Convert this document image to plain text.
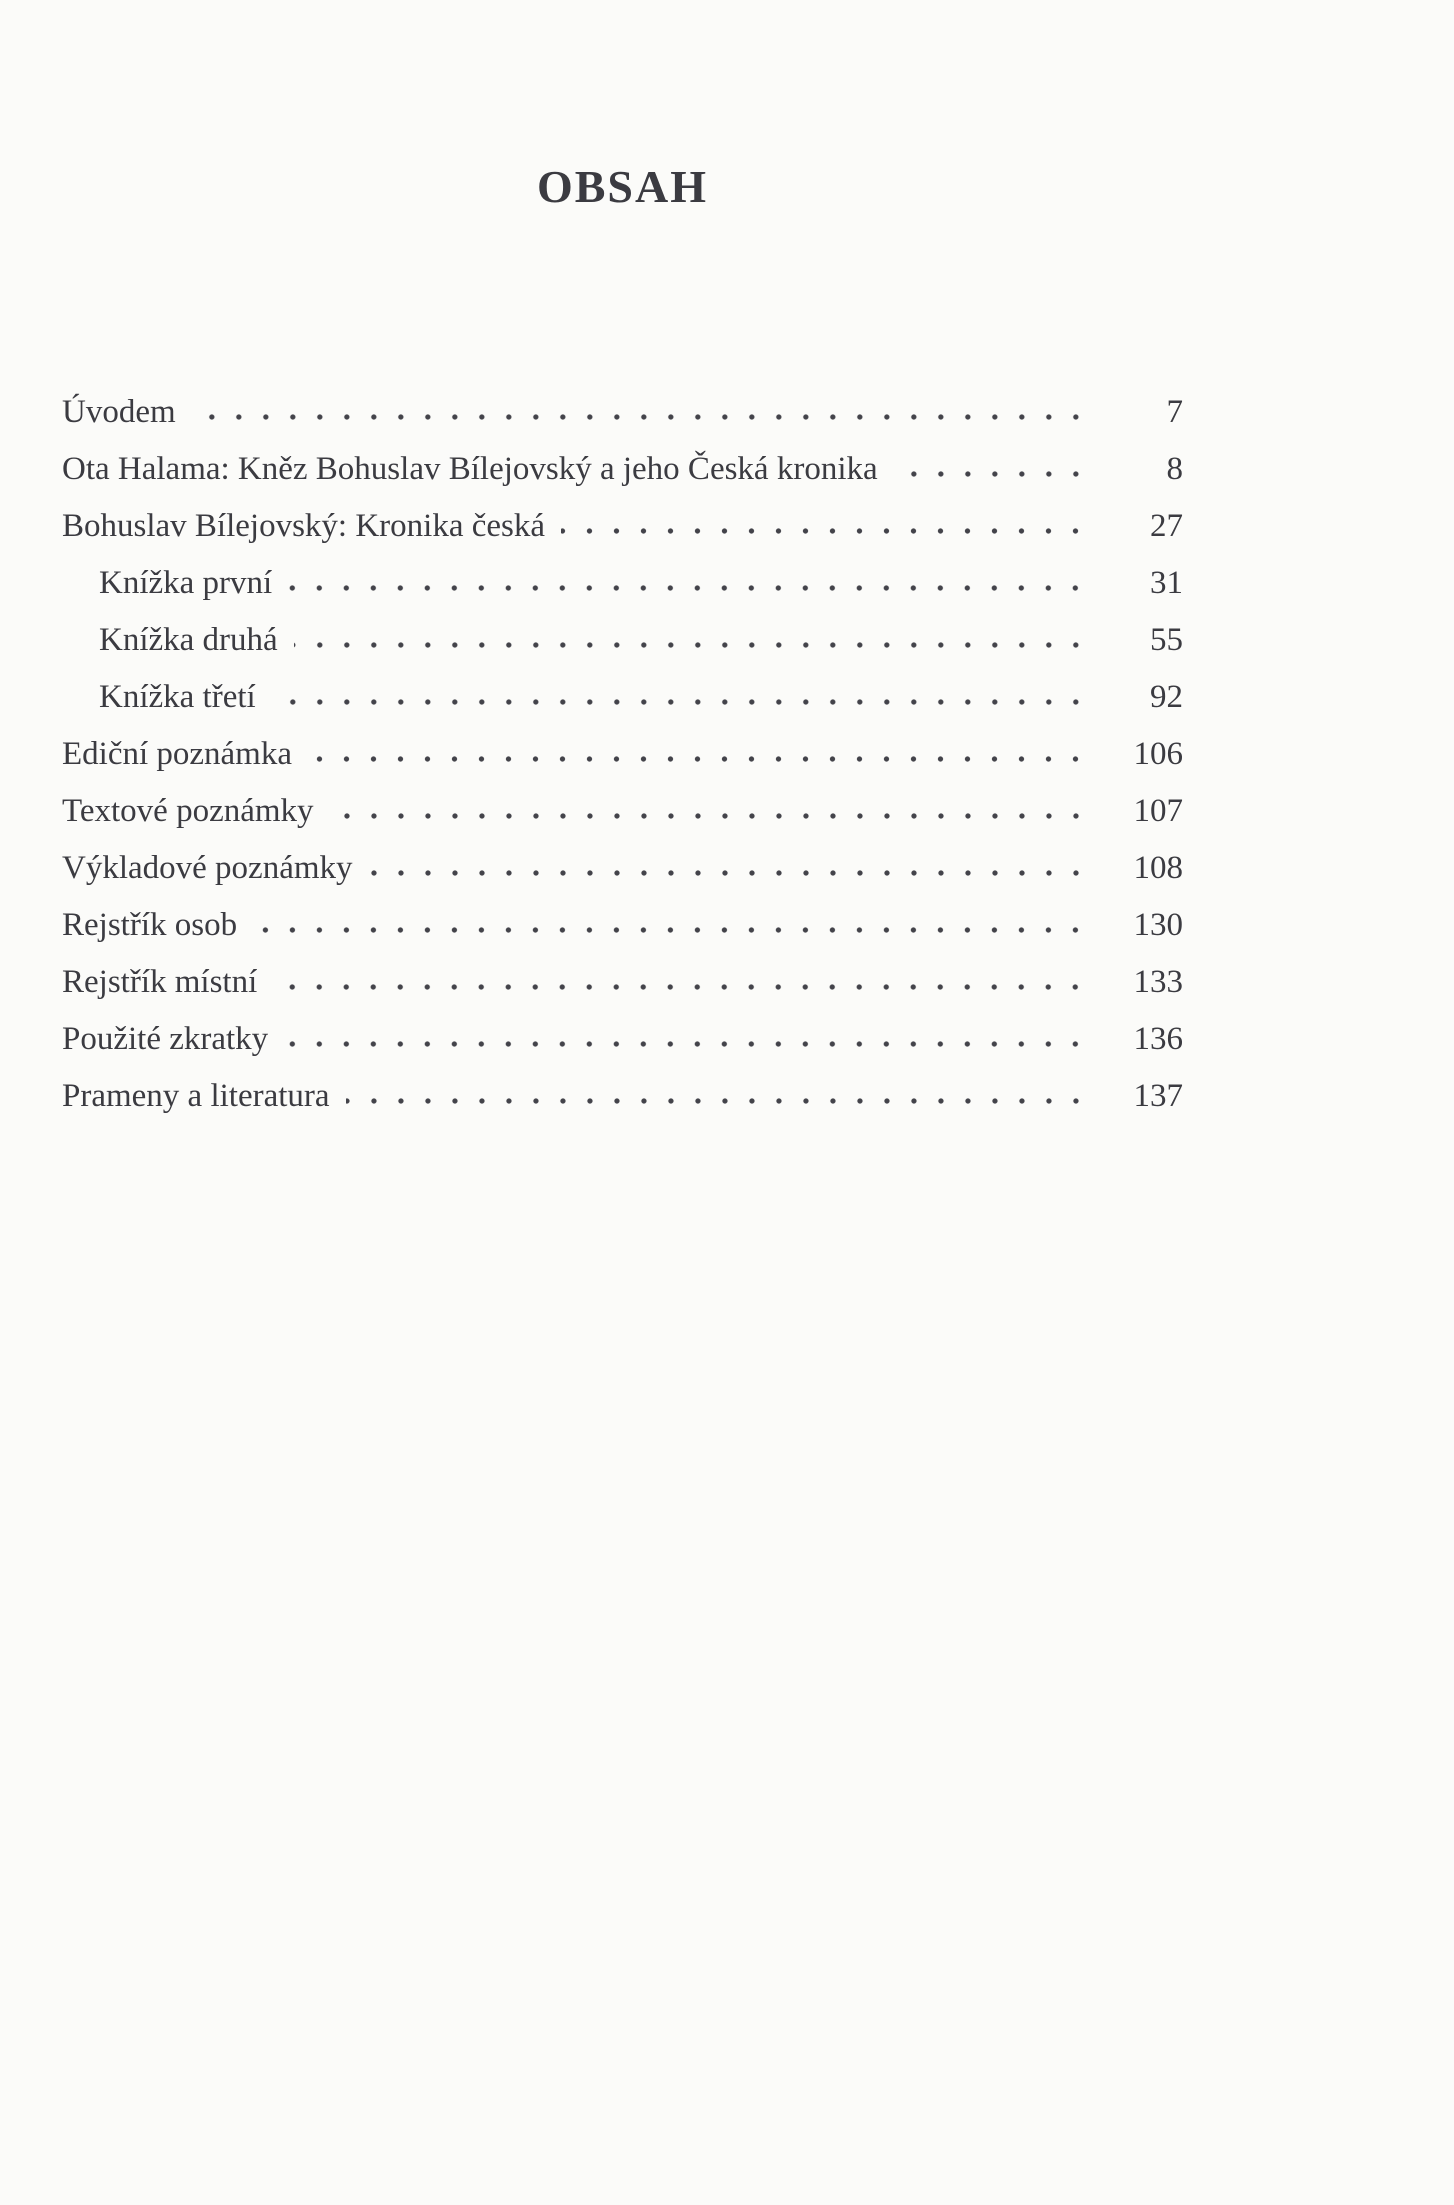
OBSAH
Úvodem	7
Ota Halama: Kněz Bohuslav Bílejovský a jeho Česká kronika	8
Bohuslav Bílejovský: Kronika česká	27
Knížka první	31
Knížka druhá	55
Knížka třetí	92
Ediční poznámka	106
Textové poznámky	107
Výkladové poznámky	108
Rejstřík osob	130
Rejstřík místní	133
Použité zkratky	136
Prameny a literatura	137
